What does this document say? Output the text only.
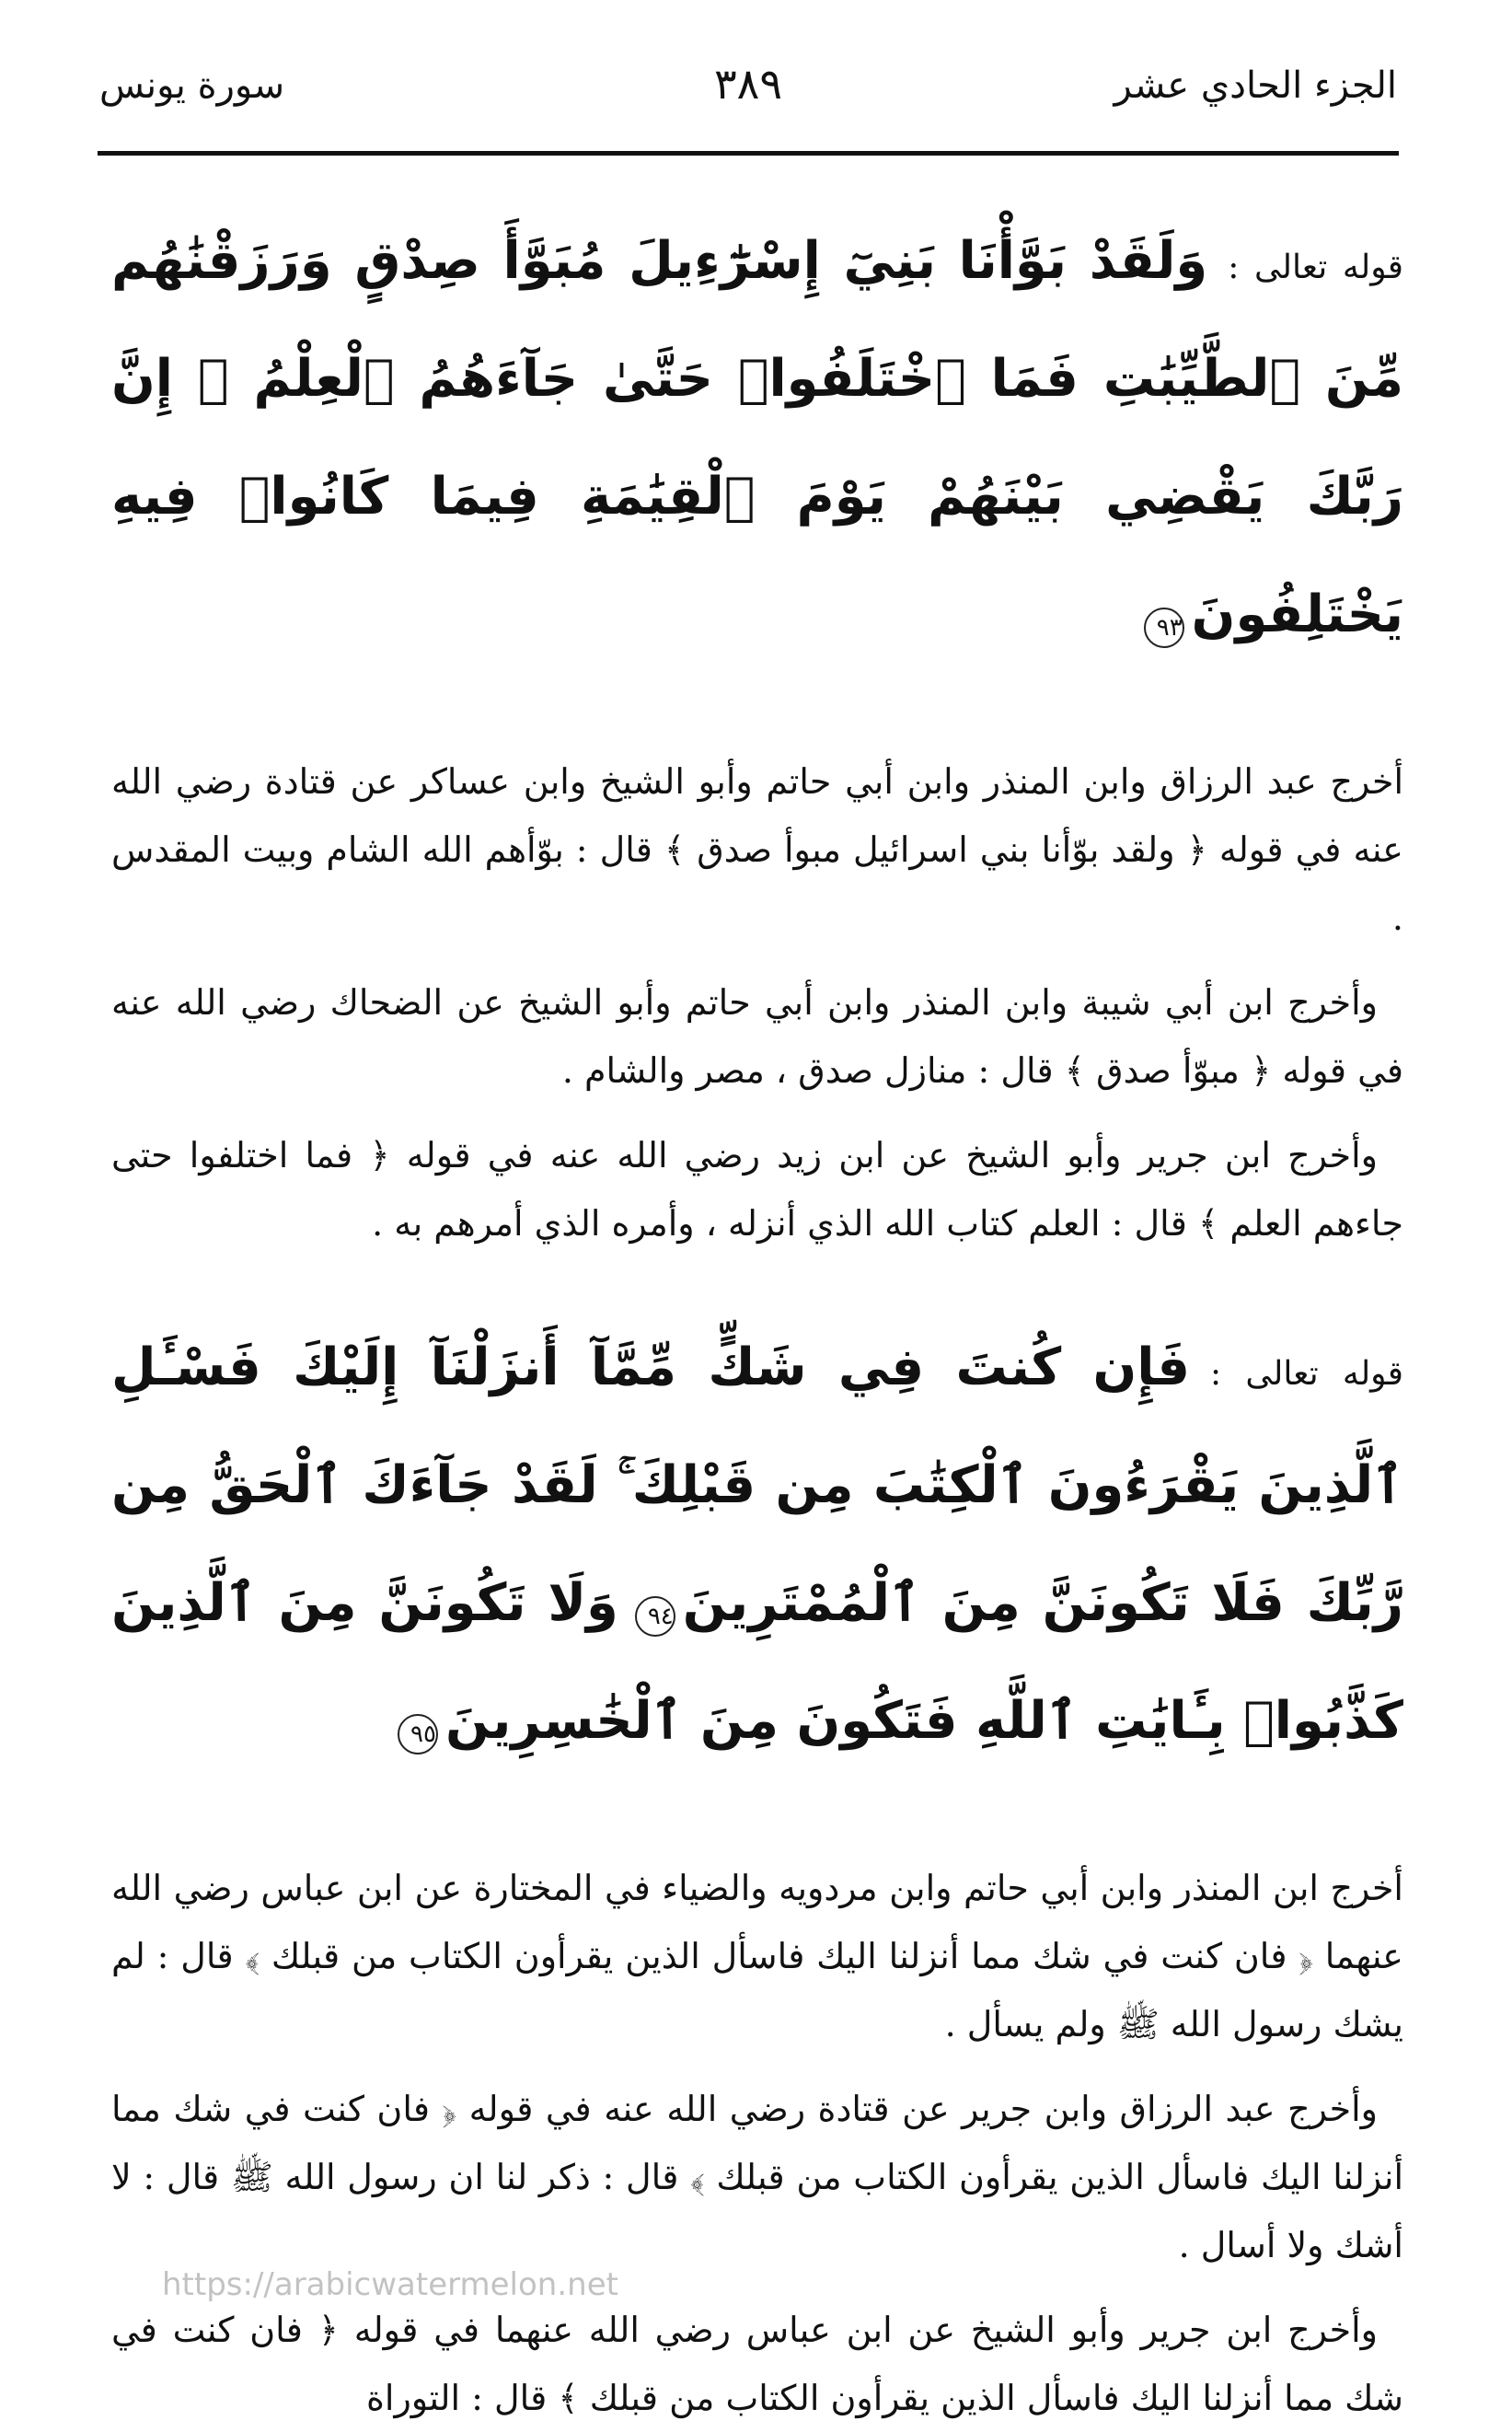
الجزء الحادي عشر
٣٨٩
سورة يونس
قوله تعالى :وَلَقَدْ بَوَّأْنَا بَنِيٓ إِسْرَٰٓءِيلَ مُبَوَّأَ صِدْقٍ وَرَزَقْنَٰهُم مِّنَ ٱلطَّيِّبَٰتِ فَمَا ٱخْتَلَفُوا۟ حَتَّىٰ جَآءَهُمُ ٱلْعِلْمُ ۚ إِنَّ رَبَّكَ يَقْضِي بَيْنَهُمْ يَوْمَ ٱلْقِيَٰمَةِ فِيمَا كَانُوا۟ فِيهِ يَخْتَلِفُونَ٩٣

أخرج عبد الرزاق وابن المنذر وابن أبي حاتم وأبو الشيخ وابن عساكر عن قتادة رضي الله عنه في قوله ﴿ ولقد بوّأنا بني اسرائيل مبوأ صدق ﴾ قال : بوّأهم الله الشام وبيت المقدس .

وأخرج ابن أبي شيبة وابن المنذر وابن أبي حاتم وأبو الشيخ عن الضحاك رضي الله عنه في قوله ﴿ مبوّأ صدق ﴾ قال : منازل صدق ، مصر والشام .

وأخرج ابن جرير وأبو الشيخ عن ابن زيد رضي الله عنه في قوله ﴿ فما اختلفوا حتى جاءهم العلم ﴾ قال : العلم كتاب الله الذي أنزله ، وأمره الذي أمرهم به .

قوله تعالى :فَإِن كُنتَ فِي شَكٍّ مِّمَّآ أَنزَلْنَآ إِلَيْكَ فَسْـَٔلِ ٱلَّذِينَ يَقْرَءُونَ ٱلْكِتَٰبَ مِن قَبْلِكَ ۚ لَقَدْ جَآءَكَ ٱلْحَقُّ مِن رَّبِّكَ فَلَا تَكُونَنَّ مِنَ ٱلْمُمْتَرِينَ٩٤ وَلَا تَكُونَنَّ مِنَ ٱلَّذِينَ كَذَّبُوا۟ بِـَٔايَٰتِ ٱللَّهِ فَتَكُونَ مِنَ ٱلْخَٰسِرِينَ٩٥

أخرج ابن المنذر وابن أبي حاتم وابن مردويه والضياء في المختارة عن ابن عباس رضي الله عنهما ﴿ فان كنت في شك مما أنزلنا اليك فاسأل الذين يقرأون الكتاب من قبلك ﴾ قال : لم يشك رسول الله ﷺ ولم يسأل .

وأخرج عبد الرزاق وابن جرير عن قتادة رضي الله عنه في قوله ﴿ فان كنت في شك مما أنزلنا اليك فاسأل الذين يقرأون الكتاب من قبلك ﴾ قال : ذكر لنا ان رسول الله ﷺ قال : لا أشك ولا أسال .

وأخرج ابن جرير وأبو الشيخ عن ابن عباس رضي الله عنهما في قوله ﴿ فان كنت في شك مما أنزلنا اليك فاسأل الذين يقرأون الكتاب من قبلك ﴾ قال : التوراة

https://arabicwatermelon.net
